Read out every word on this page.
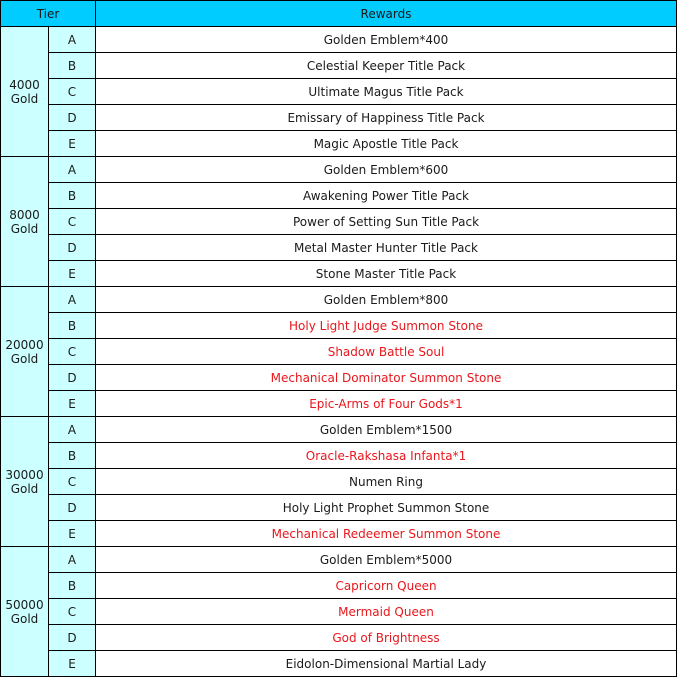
Tier		Rewards

4000
Gold	A	Golden Emblem*400
	B	Celestial Keeper Title Pack
	C	Ultimate Magus Title Pack
	D	Emissary of Happiness Title Pack
	E	Magic Apostle Title Pack

8000
Gold	A	Golden Emblem*600
	B	Awakening Power Title Pack
	C	Power of Setting Sun Title Pack
	D	Metal Master Hunter Title Pack
	E	Stone Master Title Pack

20000
Gold	A	Golden Emblem*800
	B	Holy Light Judge Summon Stone
	C	Shadow Battle Soul
	D	Mechanical Dominator Summon Stone
	E	Epic-Arms of Four Gods*1

30000
Gold	A	Golden Emblem*1500
	B	Oracle-Rakshasa Infanta*1
	C	Numen Ring
	D	Holy Light Prophet Summon Stone
	E	Mechanical Redeemer Summon Stone

50000
Gold	A	Golden Emblem*5000
	B	Capricorn Queen
	C	Mermaid Queen
	D	God of Brightness
	E	Eidolon-Dimensional Martial Lady
